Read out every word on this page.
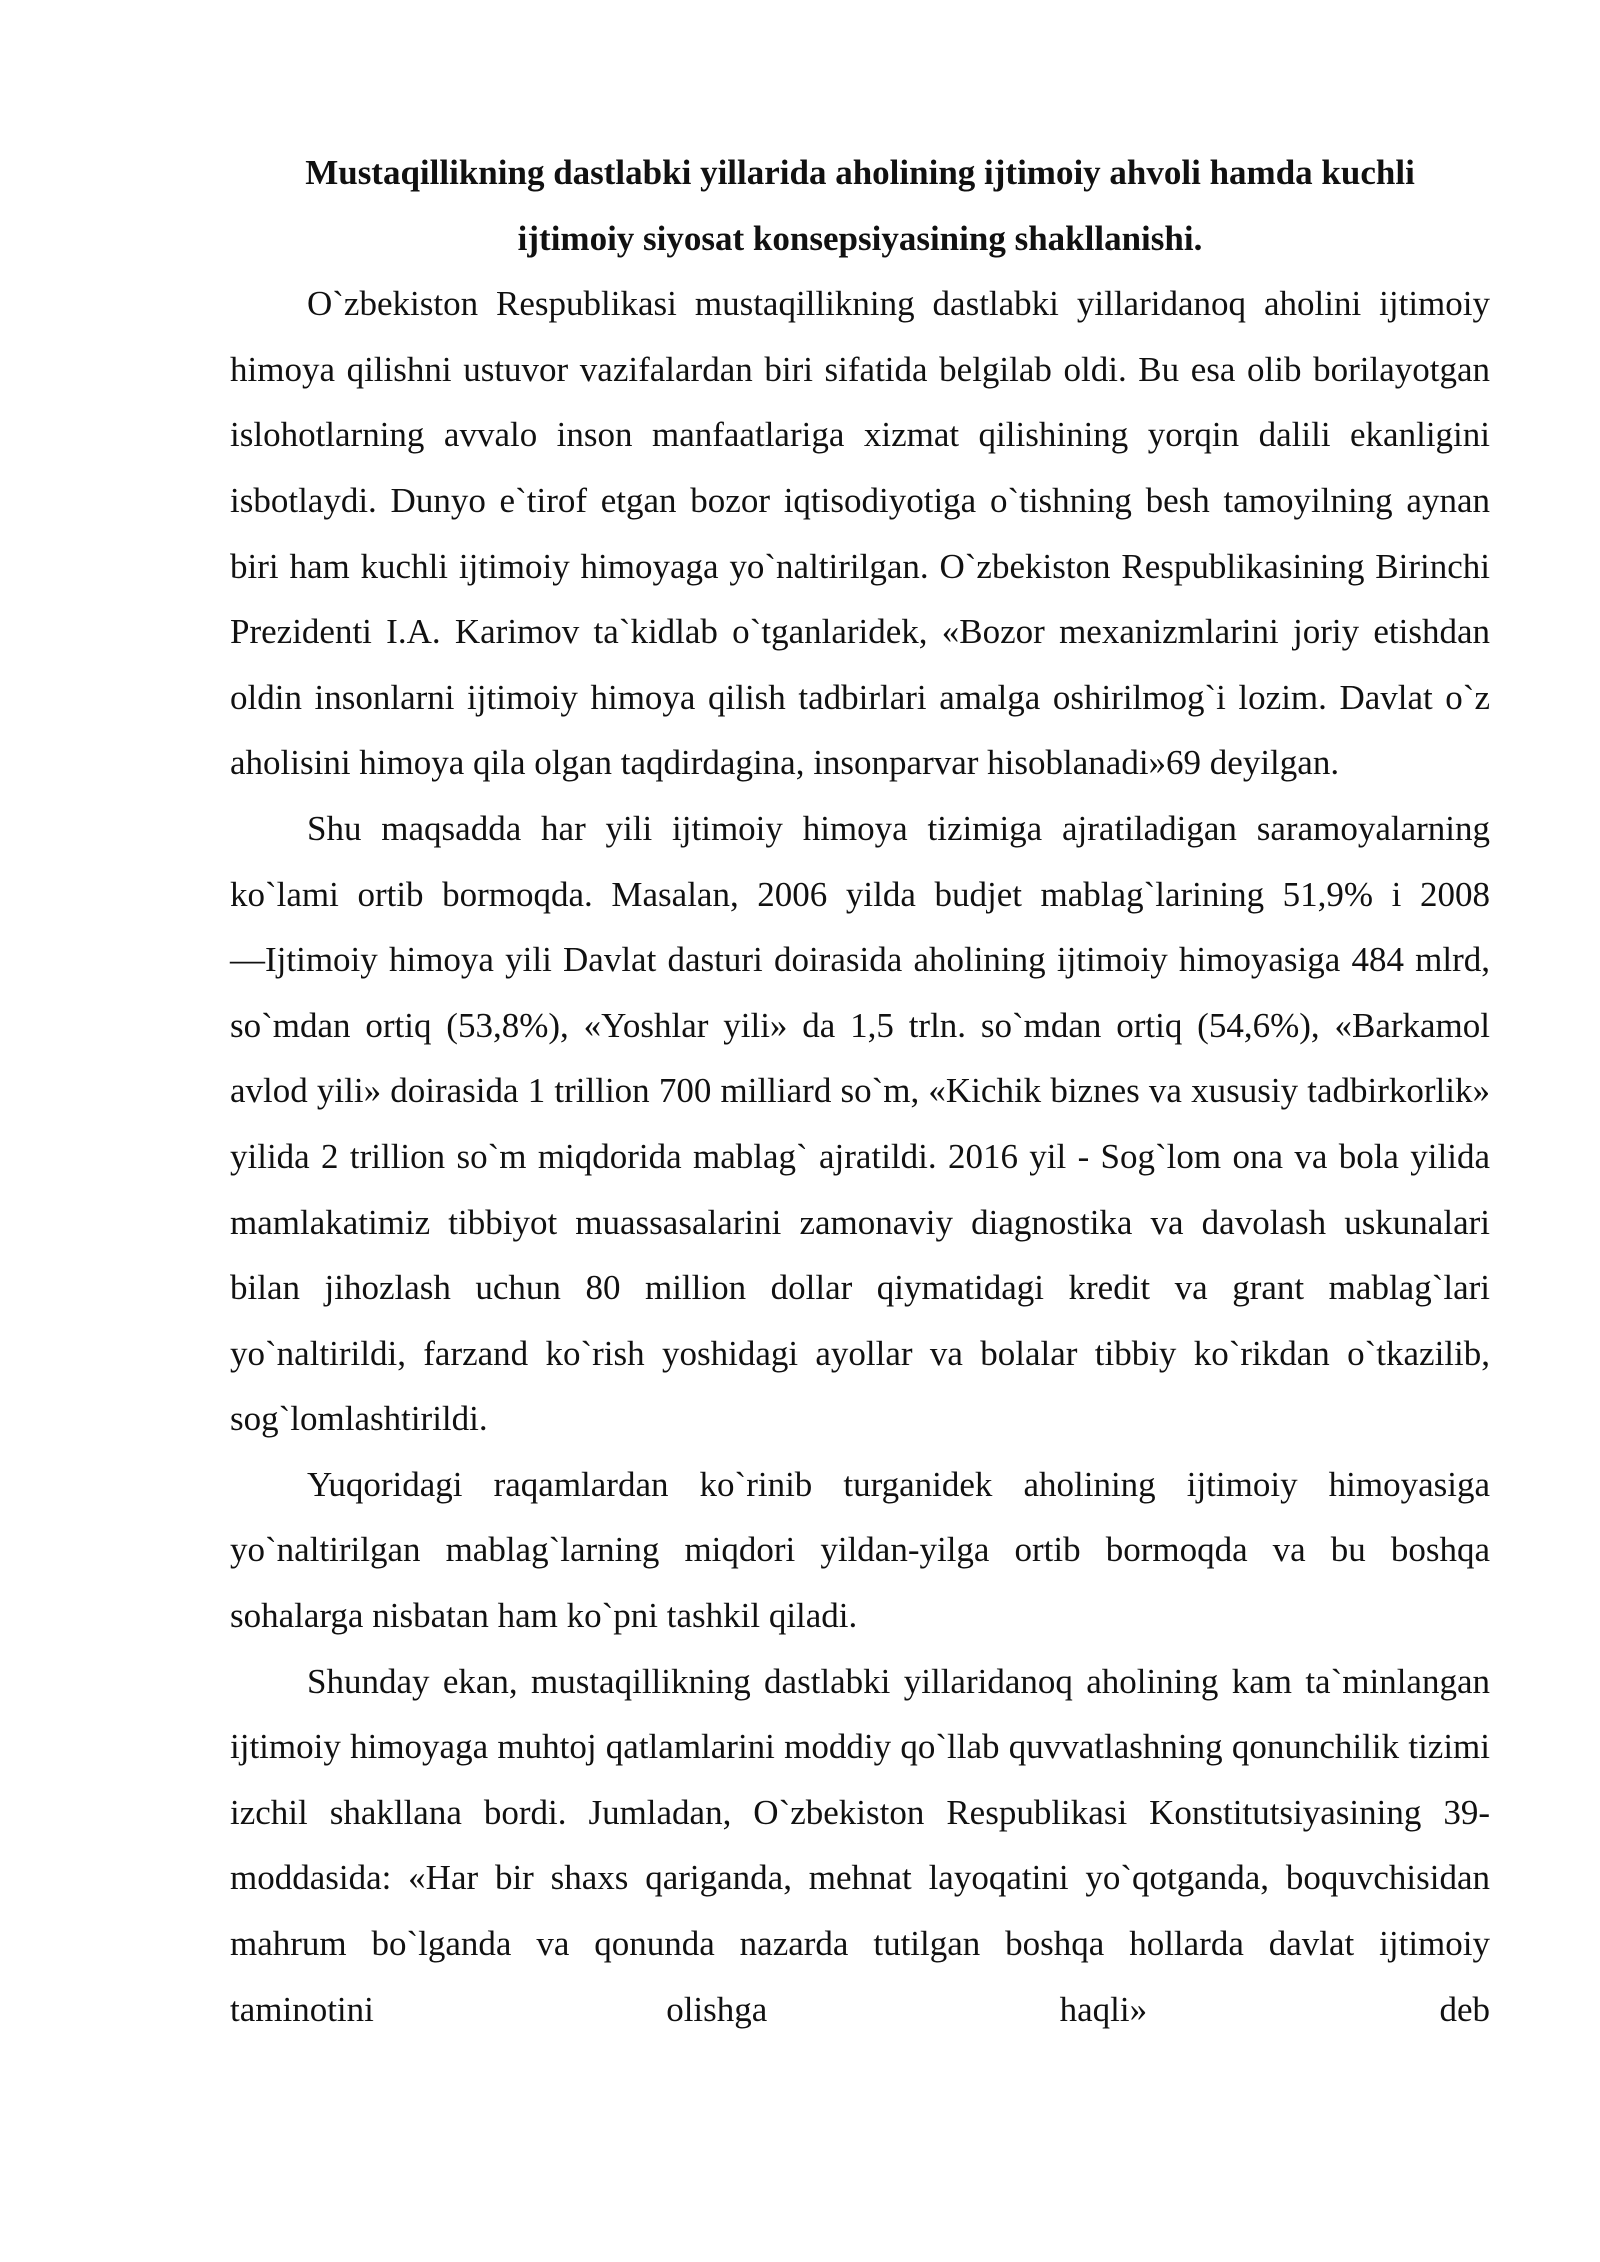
Mustaqillikning dastlabki yillarida aholining ijtimoiy ahvoli hamda kuchli
ijtimoiy siyosat konsepsiyasining shakllanishi.

O`zbekiston Respublikasi mustaqillikning dastlabki yillaridanoq aholini ijtimoiy himoya qilishni ustuvor vazifalardan biri sifatida belgilab oldi. Bu esa olib borilayotgan islohotlarning avvalo inson manfaatlariga xizmat qilishining yorqin dalili ekanligini isbotlaydi. Dunyo e`tirof etgan bozor iqtisodiyotiga o`tishning besh tamoyilning aynan biri ham kuchli ijtimoiy himoyaga yo`naltirilgan. O`zbekiston Respublikasining Birinchi Prezidenti I.A. Karimov ta`kidlab o`tganlaridek, «Bozor mexanizmlarini joriy etishdan oldin insonlarni ijtimoiy himoya qilish tadbirlari amalga oshirilmog`i lozim. Davlat o`z aholisini himoya qila olgan taqdirdagina, insonparvar hisoblanadi»69 deyilgan.

Shu maqsadda har yili ijtimoiy himoya tizimiga ajratiladigan saramoyalarning ko`lami ortib bormoqda. Masalan, 2006 yilda budjet mablag`larining 51,9% i 2008 ―Ijtimoiy himoya yili Davlat dasturi doirasida aholining ijtimoiy himoyasiga 484 mlrd, so`mdan ortiq (53,8%), «Yoshlar yili» da 1,5 trln. so`mdan ortiq (54,6%), «Barkamol avlod yili» doirasida 1 trillion 700 milliard so`m, «Kichik biznes va xususiy tadbirkorlik» yilida 2 trillion so`m miqdorida mablag` ajratildi. 2016 yil - Sog`lom ona va bola yilida mamlakatimiz tibbiyot muassasalarini zamonaviy diagnostika va davolash uskunalari bilan jihozlash uchun 80 million dollar qiymatidagi kredit va grant mablag`lari yo`naltirildi, farzand ko`rish yoshidagi ayollar va bolalar tibbiy ko`rikdan o`tkazilib, sog`lomlashtirildi.

Yuqoridagi raqamlardan ko`rinib turganidek aholining ijtimoiy himoyasiga yo`naltirilgan mablag`larning miqdori yildan-yilga ortib bormoqda va bu boshqa sohalarga nisbatan ham ko`pni tashkil qiladi.

Shunday ekan, mustaqillikning dastlabki yillaridanoq aholining kam ta`minlangan ijtimoiy himoyaga muhtoj qatlamlarini moddiy qo`llab quvvatlashning qonunchilik tizimi izchil shakllana bordi. Jumladan, O`zbekiston Respublikasi Konstitutsiyasining 39-moddasida: «Har bir shaxs qariganda, mehnat layoqatini yo`qotganda, boquvchisidan mahrum bo`lganda va qonunda nazarda tutilgan boshqa hollarda davlat ijtimoiy taminotini olishga haqli» deb
